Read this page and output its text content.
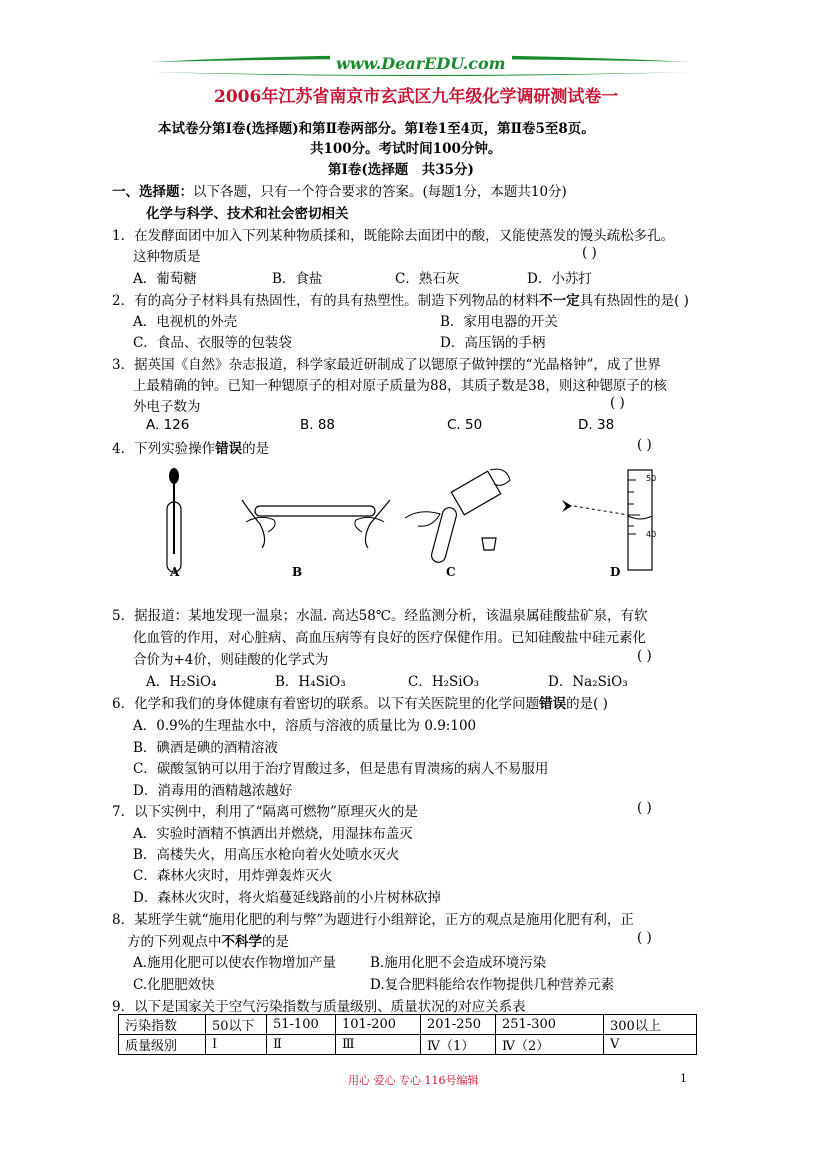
www.DearEDU.com
2006年江苏省南京市玄武区九年级化学调研测试卷一
本试卷分第Ⅰ卷(选择题)和第Ⅱ卷两部分。第Ⅰ卷1至4页，第Ⅱ卷5至8页。
共100分。考试时间100分钟。
第Ⅰ卷(选择题　共35分)
一、选择题：以下各题，只有一个符合要求的答案。(每题1分，本题共10分)
化学与科学、技术和社会密切相关
1．在发酵面团中加入下列某种物质揉和，既能除去面团中的酸，又能使蒸发的馒头疏松多孔。
这种物质是	( )
A．葡萄糖	B．食盐	C．熟石灰	D．小苏打
2．有的高分子材料具有热固性，有的具有热塑性。制造下列物品的材料不一定具有热固性的是( )
A．电视机的外壳	B．家用电器的开关
C．食品、衣服等的包装袋	D．高压锅的手柄
3．据英国《自然》杂志报道，科学家最近研制成了以锶原子做钟摆的“光晶格钟”，成了世界
上最精确的钟。已知一种锶原子的相对原子质量为88，其质子数是38，则这种锶原子的核
外电子数为	( )
A. 126	B. 88	C. 50	D. 38
4．下列实验操作错误的是	( )
50
40
A	B	C	D
5．据报道：某地发现一温泉；水温. 高达58℃。经监测分析，该温泉属硅酸盐矿泉，有软
化血管的作用，对心脏病、高血压病等有良好的医疗保健作用。已知硅酸盐中硅元素化
合价为+4价，则硅酸的化学式为	( )
A．H₂SiO₄	B．H₄SiO₃	C．H₂SiO₃	D．Na₂SiO₃
6．化学和我们的身体健康有着密切的联系。以下有关医院里的化学问题错误的是( )
A．0.9%的生理盐水中，溶质与溶液的质量比为 0.9:100
B．碘酒是碘的酒精溶液
C．碳酸氢钠可以用于治疗胃酸过多，但是患有胃溃疡的病人不易服用
D．消毒用的酒精越浓越好
7．以下实例中，利用了“隔离可燃物”原理灭火的是	( )
A．实验时酒精不慎洒出并燃烧，用湿抹布盖灭
B．高楼失火，用高压水枪向着火处喷水灭火
C．森林火灾时，用炸弹轰炸灭火
D．森林火灾时，将火焰蔓延线路前的小片树林砍掉
8．某班学生就“施用化肥的利与弊”为题进行小组辩论，正方的观点是施用化肥有利，正
方的下列观点中不科学的是	( )
A.施用化肥可以使农作物增加产量	B.施用化肥不会造成环境污染
C.化肥肥效快	D.复合肥料能给农作物提供几种营养元素
9．以下是国家关于空气污染指数与质量级别、质量状况的对应关系表
污染指数	50以下	51-100	101-200	201-250	251-300	300以上
质量级别	Ⅰ	Ⅱ	Ⅲ	Ⅳ（1）	Ⅳ（2）	Ⅴ
用心 爱心 专心 116号编辑	1
